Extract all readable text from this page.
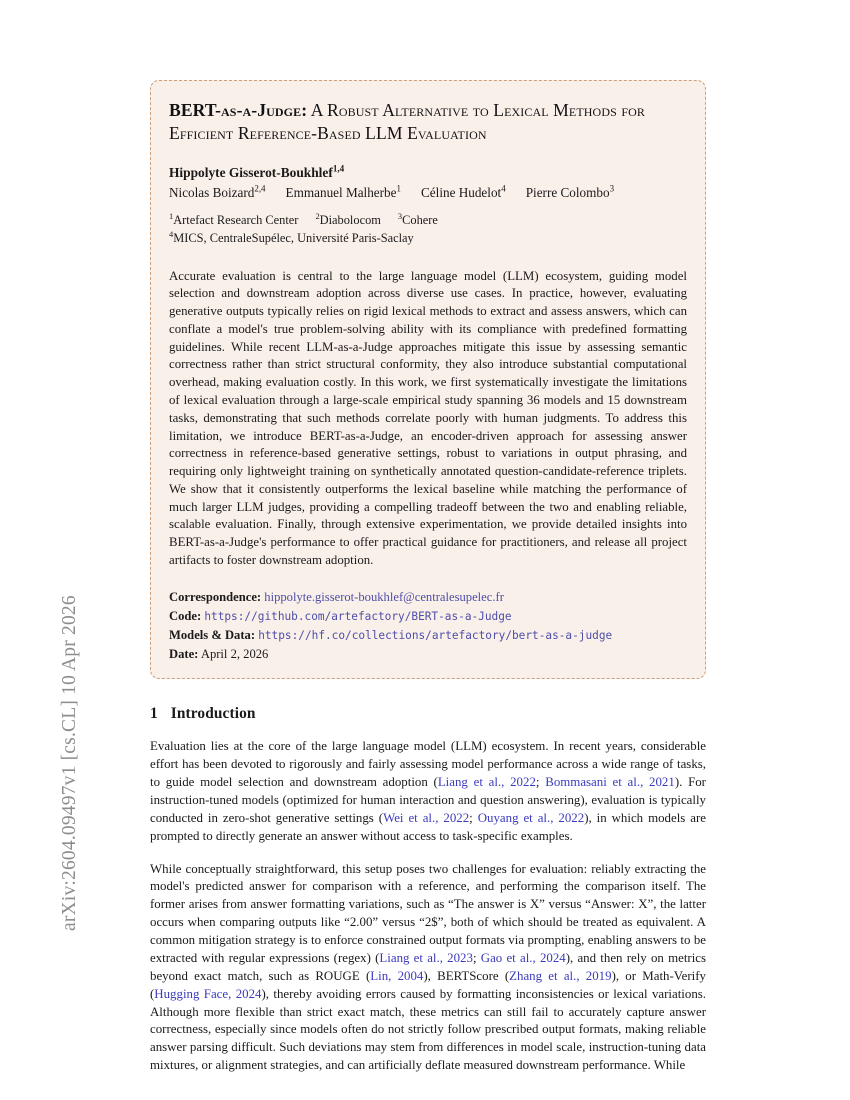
arXiv:2604.09497v1 [cs.CL] 10 Apr 2026
BERT-as-a-Judge: A Robust Alternative to Lexical Methods for Efficient Reference-Based LLM Evaluation
Hippolyte Gisserot-Boukhlef$^{1,4}$
Nicolas Boizard$^{2,4}$ Emmanuel Malherbe$^1$ Céline Hudelot$^4$ Pierre Colombo$^3$
$^1$Artefact Research Center $^2$Diabolocom $^3$Cohere
$^4$MICS, CentraleSupélec, Université Paris-Saclay
Accurate evaluation is central to the large language model (LLM) ecosystem, guiding model selection and downstream adoption across diverse use cases. In practice, however, evaluating generative outputs typically relies on rigid lexical methods to extract and assess answers, which can conflate a model's true problem-solving ability with its compliance with predefined formatting guidelines. While recent LLM-as-a-Judge approaches mitigate this issue by assessing semantic correctness rather than strict structural conformity, they also introduce substantial computational overhead, making evaluation costly. In this work, we first systematically investigate the limitations of lexical evaluation through a large-scale empirical study spanning 36 models and 15 downstream tasks, demonstrating that such methods correlate poorly with human judgments. To address this limitation, we introduce BERT-as-a-Judge, an encoder-driven approach for assessing answer correctness in reference-based generative settings, robust to variations in output phrasing, and requiring only lightweight training on synthetically annotated question-candidate-reference triplets. We show that it consistently outperforms the lexical baseline while matching the performance of much larger LLM judges, providing a compelling tradeoff between the two and enabling reliable, scalable evaluation. Finally, through extensive experimentation, we provide detailed insights into BERT-as-a-Judge's performance to offer practical guidance for practitioners, and release all project artifacts to foster downstream adoption.
Correspondence: hippolyte.gisserot-boukhlef@centralesupelec.fr
Code: https://github.com/artefactory/BERT-as-a-Judge
Models & Data: https://hf.co/collections/artefactory/bert-as-a-judge
Date: April 2, 2026
1 Introduction

Evaluation lies at the core of the large language model (LLM) ecosystem. In recent years, considerable effort has been devoted to rigorously and fairly assessing model performance across a wide range of tasks, to guide model selection and downstream adoption (Liang et al., 2022; Bommasani et al., 2021). For instruction-tuned models (optimized for human interaction and question answering), evaluation is typically conducted in zero-shot generative settings (Wei et al., 2022; Ouyang et al., 2022), in which models are prompted to directly generate an answer without access to task-specific examples.

While conceptually straightforward, this setup poses two challenges for evaluation: reliably extracting the model's predicted answer for comparison with a reference, and performing the comparison itself. The former arises from answer formatting variations, such as “The answer is X” versus “Answer: X”, the latter occurs when comparing outputs like “2.00” versus “2$”, both of which should be treated as equivalent. A common mitigation strategy is to enforce constrained output formats via prompting, enabling answers to be extracted with regular expressions (regex) (Liang et al., 2023; Gao et al., 2024), and then rely on metrics beyond exact match, such as ROUGE (Lin, 2004), BERTScore (Zhang et al., 2019), or Math-Verify (Hugging Face, 2024), thereby avoiding errors caused by formatting inconsistencies or lexical variations. Although more flexible than strict exact match, these metrics can still fail to accurately capture answer correctness, especially since models often do not strictly follow prescribed output formats, making reliable answer parsing difficult. Such deviations may stem from differences in model scale, instruction-tuning data mixtures, or alignment strategies, and can artificially deflate measured downstream performance. While
